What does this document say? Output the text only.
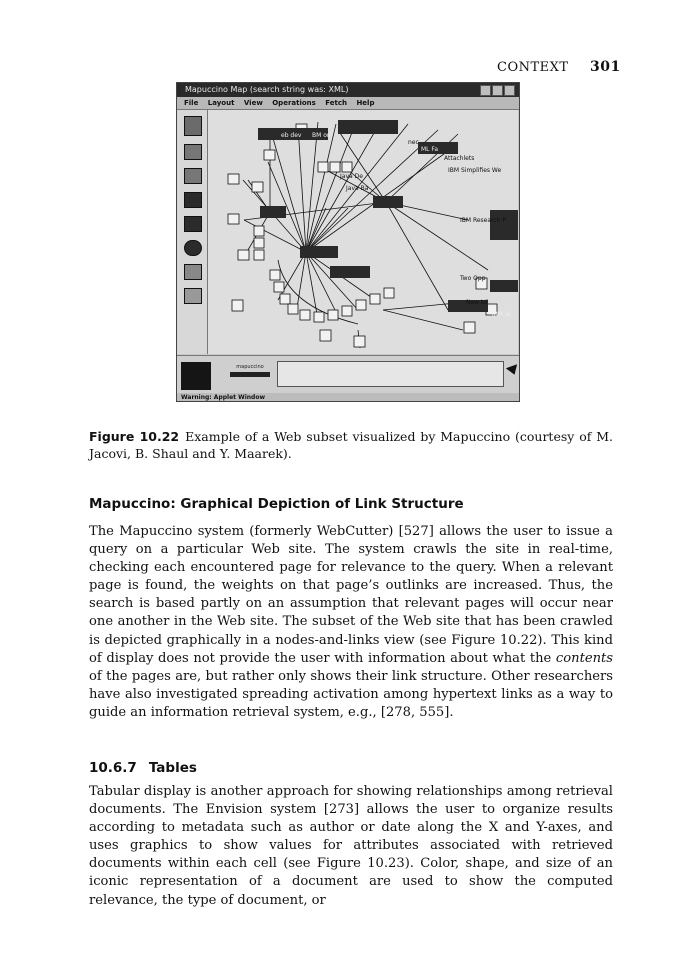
CONTEXT 301
Mapuccino Map (search string was: XML)
File Layout View Operations Fetch Help
eb dev BM on
nec
ML Fa
Attachlets
IBM Simplifies We
Java De
Java Ba
IBM Research P
Two Opp
New to
IBM al
mapuccino
Warning: Applet Window
Figure 10.22 Example of a Web subset visualized by Mapuccino (courtesy of M. Jacovi, B. Shaul and Y. Maarek).
Mapuccino: Graphical Depiction of Link Structure

The Mapuccino system (formerly WebCutter) [527] allows the user to issue a query on a particular Web site. The system crawls the site in real-time, checking each encountered page for relevance to the query. When a relevant page is found, the weights on that page’s outlinks are increased. Thus, the search is based partly on an assumption that relevant pages will occur near one another in the Web site. The subset of the Web site that has been crawled is depicted graphically in a nodes-and-links view (see Figure 10.22). This kind of display does not provide the user with information about what the contents of the pages are, but rather only shows their link structure. Other researchers have also investigated spreading activation among hypertext links as a way to guide an information retrieval system, e.g., [278, 555].

10.6.7 Tables

Tabular display is another approach for showing relationships among retrieval documents. The Envision system [273] allows the user to organize results according to metadata such as author or date along the X and Y-axes, and uses graphics to show values for attributes associated with retrieved documents within each cell (see Figure 10.23). Color, shape, and size of an iconic representation of a document are used to show the computed relevance, the type of document, or
